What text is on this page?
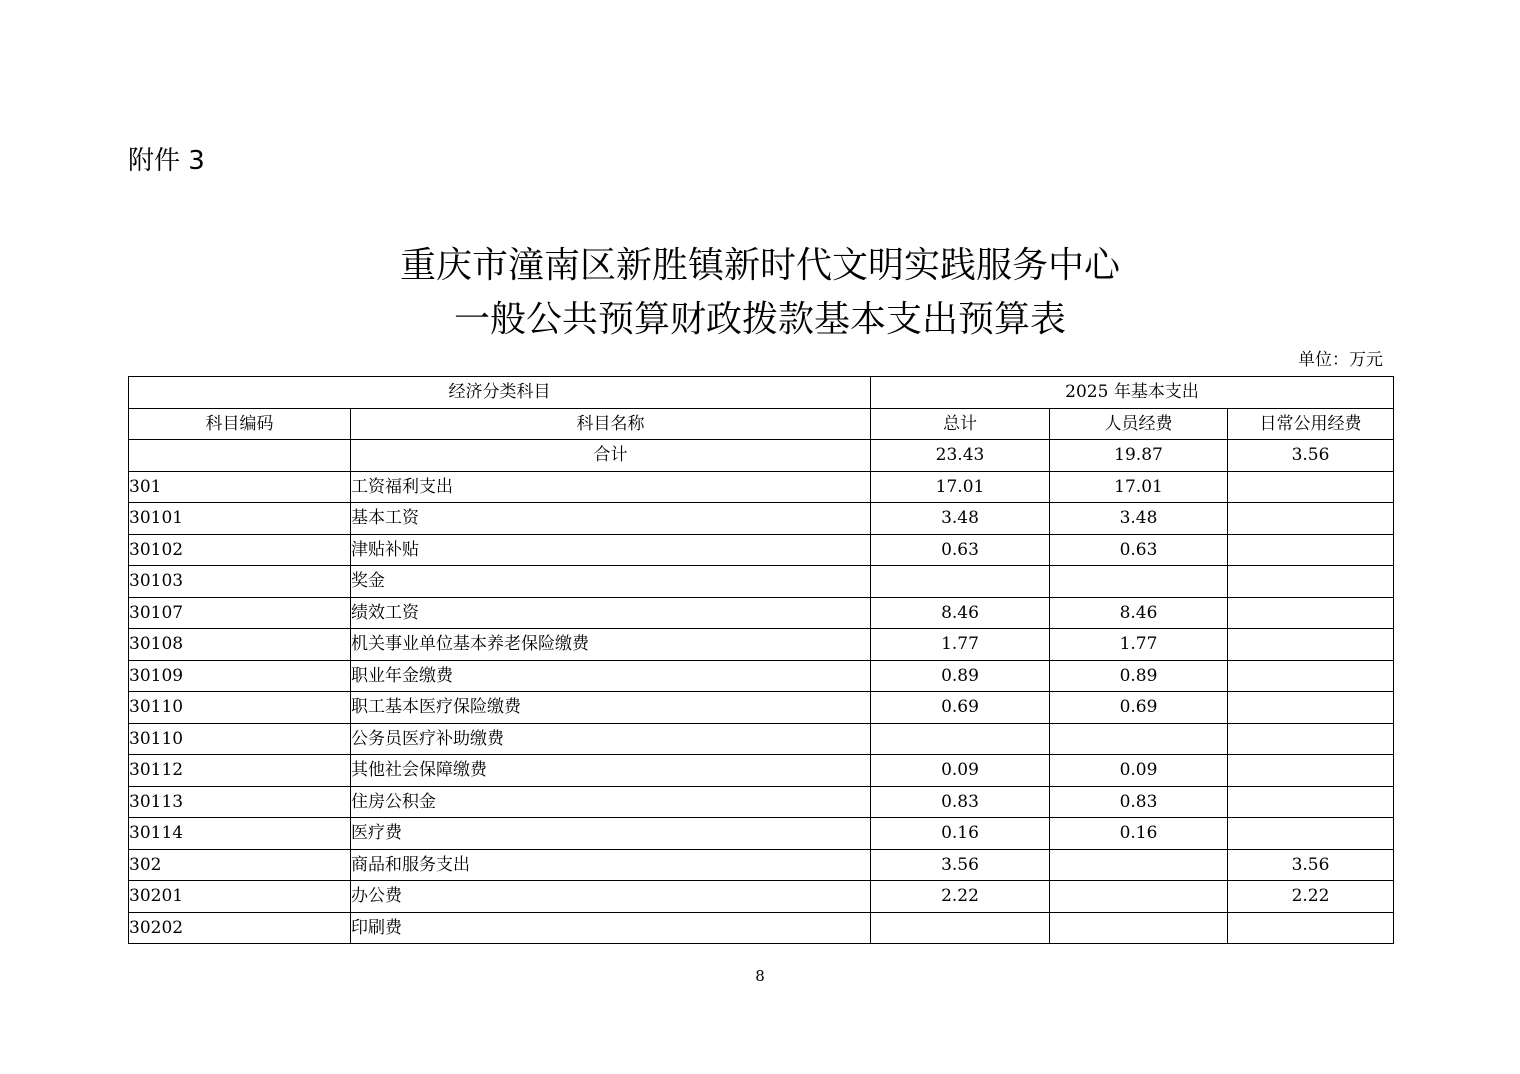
附件 3
重庆市潼南区新胜镇新时代文明实践服务中心
一般公共预算财政拨款基本支出预算表
单位：万元
经济分类科目		2025 年基本支出		
科目编码	科目名称	总计	人员经费	日常公用经费
	合计	23.43	19.87	3.56
301	工资福利支出	17.01	17.01	
30101	基本工资	3.48	3.48	
30102	津贴补贴	0.63	0.63	
30103	奖金			
30107	绩效工资	8.46	8.46	
30108	机关事业单位基本养老保险缴费	1.77	1.77	
30109	职业年金缴费	0.89	0.89	
30110	职工基本医疗保险缴费	0.69	0.69	
30110	公务员医疗补助缴费			
30112	其他社会保障缴费	0.09	0.09	
30113	住房公积金	0.83	0.83	
30114	医疗费	0.16	0.16	
302	商品和服务支出	3.56		3.56
30201	办公费	2.22		2.22
30202	印刷费			
8
